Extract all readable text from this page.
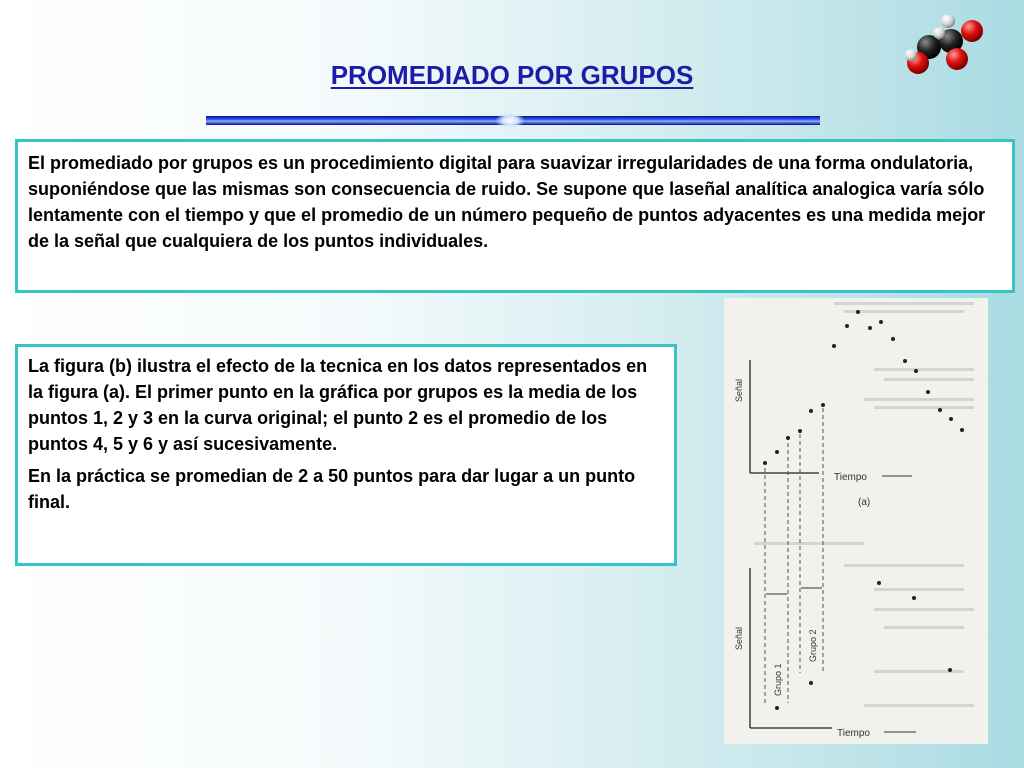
PROMEDIADO POR GRUPOS
El promediado por grupos es un procedimiento digital para suavizar irregularidades de una forma ondulatoria, suponiéndose que las mismas son consecuencia de ruido. Se supone que laseñal analítica analogica varía sólo lentamente con el tiempo y que el promedio de un número pequeño de puntos adyacentes es una medida mejor de la señal que cualquiera de los puntos individuales.

La figura (b) ilustra el efecto de la tecnica en los datos representados en la figura (a). El primer punto en la gráfica por grupos es la media de los puntos 1, 2 y 3 en la curva original; el punto 2 es el promedio de los puntos 4, 5 y 6 y así sucesivamente.

En la práctica se promedian de 2 a 50 puntos para dar lugar a un punto final.

Señal
Tiempo
(a)
Señal
Tiempo
Grupo 1
Grupo 2
